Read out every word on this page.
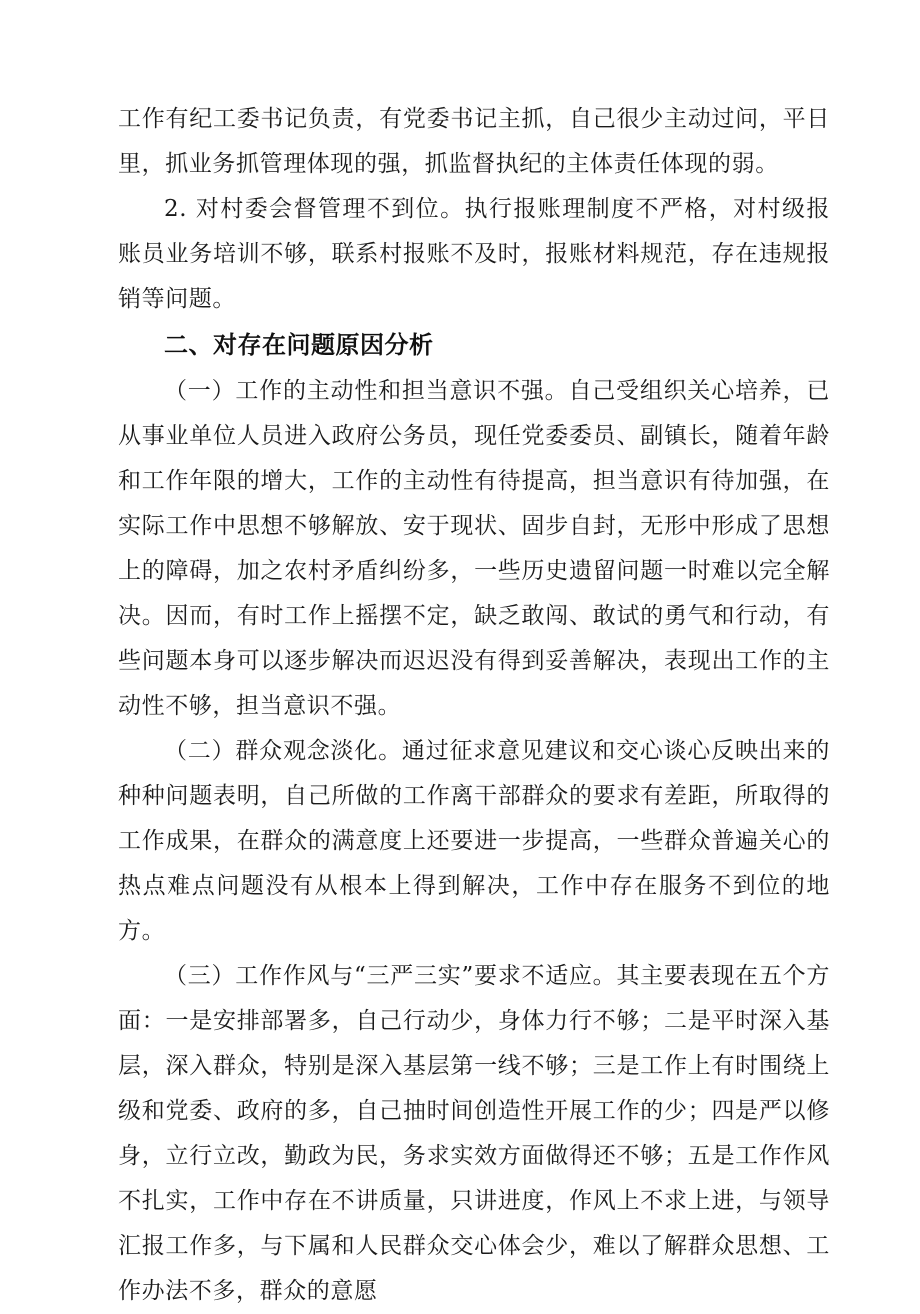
工作有纪工委书记负责，有党委书记主抓，自己很少主动过问，平日里，抓业务抓管理体现的强，抓监督执纪的主体责任体现的弱。

2. 对村委会督管理不到位。执行报账理制度不严格，对村级报账员业务培训不够，联系村报账不及时，报账材料规范，存在违规报销等问题。

二、对存在问题原因分析

（一）工作的主动性和担当意识不强。自己受组织关心培养，已从事业单位人员进入政府公务员，现任党委委员、副镇长，随着年龄和工作年限的增大，工作的主动性有待提高，担当意识有待加强，在实际工作中思想不够解放、安于现状、固步自封，无形中形成了思想上的障碍，加之农村矛盾纠纷多，一些历史遗留问题一时难以完全解决。因而，有时工作上摇摆不定，缺乏敢闯、敢试的勇气和行动，有些问题本身可以逐步解决而迟迟没有得到妥善解决，表现出工作的主动性不够，担当意识不强。

（二）群众观念淡化。通过征求意见建议和交心谈心反映出来的种种问题表明，自己所做的工作离干部群众的要求有差距，所取得的工作成果，在群众的满意度上还要进一步提高，一些群众普遍关心的热点难点问题没有从根本上得到解决，工作中存在服务不到位的地方。

（三）工作作风与“三严三实”要求不适应。其主要表现在五个方面：一是安排部署多，自己行动少，身体力行不够；二是平时深入基层，深入群众，特别是深入基层第一线不够；三是工作上有时围绕上级和党委、政府的多，自己抽时间创造性开展工作的少；四是严以修身，立行立改，勤政为民，务求实效方面做得还不够；五是工作作风不扎实，工作中存在不讲质量，只讲进度，作风上不求上进，与领导汇报工作多，与下属和人民群众交心体会少，难以了解群众思想、工作办法不多，群众的意愿
